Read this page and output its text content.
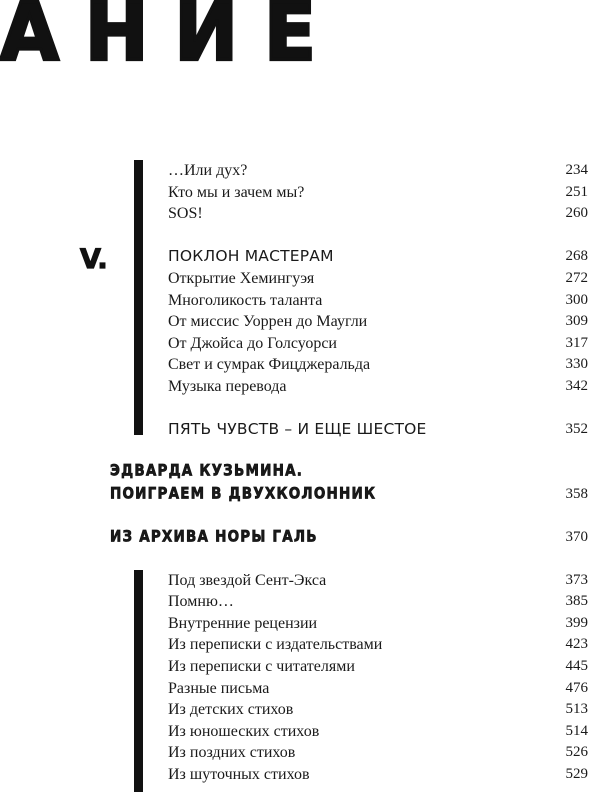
АНИЕ
V.
…Или дух?	234
Кто мы и зачем мы?	251
SOS!	260
ПОКЛОН МАСТЕРАМ	268
Открытие Хемингуэя	272
Многоликость таланта	300
От миссис Уоррен до Маугли	309
От Джойса до Голсуорси	317
Свет и сумрак Фицджеральда	330
Музыка перевода	342
ПЯТЬ ЧУВСТВ – И ЕЩЕ ШЕСТОЕ	352
ЭДВАРДА КУЗЬМИНА.
ПОИГРАЕМ В ДВУХКОЛОННИК	358
ИЗ АРХИВА НОРЫ ГАЛЬ	370
Под звездой Сент-Экса	373
Помню…	385
Внутренние рецензии	399
Из переписки с издательствами	423
Из переписки с читателями	445
Разные письма	476
Из детских стихов	513
Из юношеских стихов	514
Из поздних стихов	526
Из шуточных стихов	529
